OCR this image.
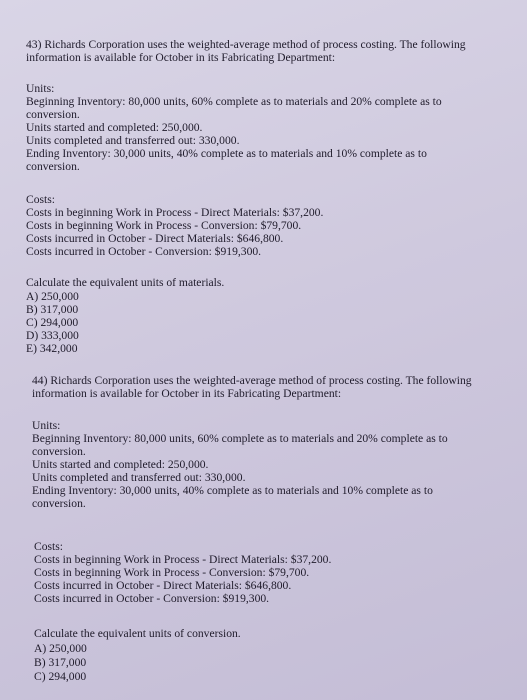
43) Richards Corporation uses the weighted-average method of process costing. The following
information is available for October in its Fabricating Department:
Units:
Beginning Inventory: 80,000 units, 60% complete as to materials and 20% complete as to
conversion.
Units started and completed: 250,000.
Units completed and transferred out: 330,000.
Ending Inventory: 30,000 units, 40% complete as to materials and 10% complete as to
conversion.
Costs:
Costs in beginning Work in Process - Direct Materials: $37,200.
Costs in beginning Work in Process - Conversion: $79,700.
Costs incurred in October - Direct Materials: $646,800.
Costs incurred in October - Conversion: $919,300.
Calculate the equivalent units of materials.
A) 250,000
B) 317,000
C) 294,000
D) 333,000
E) 342,000
44) Richards Corporation uses the weighted-average method of process costing. The following
information is available for October in its Fabricating Department:
Units:
Beginning Inventory: 80,000 units, 60% complete as to materials and 20% complete as to
conversion.
Units started and completed: 250,000.
Units completed and transferred out: 330,000.
Ending Inventory: 30,000 units, 40% complete as to materials and 10% complete as to
conversion.
Costs:
Costs in beginning Work in Process - Direct Materials: $37,200.
Costs in beginning Work in Process - Conversion: $79,700.
Costs incurred in October - Direct Materials: $646,800.
Costs incurred in October - Conversion: $919,300.
Calculate the equivalent units of conversion.
A) 250,000
B) 317,000
C) 294,000
